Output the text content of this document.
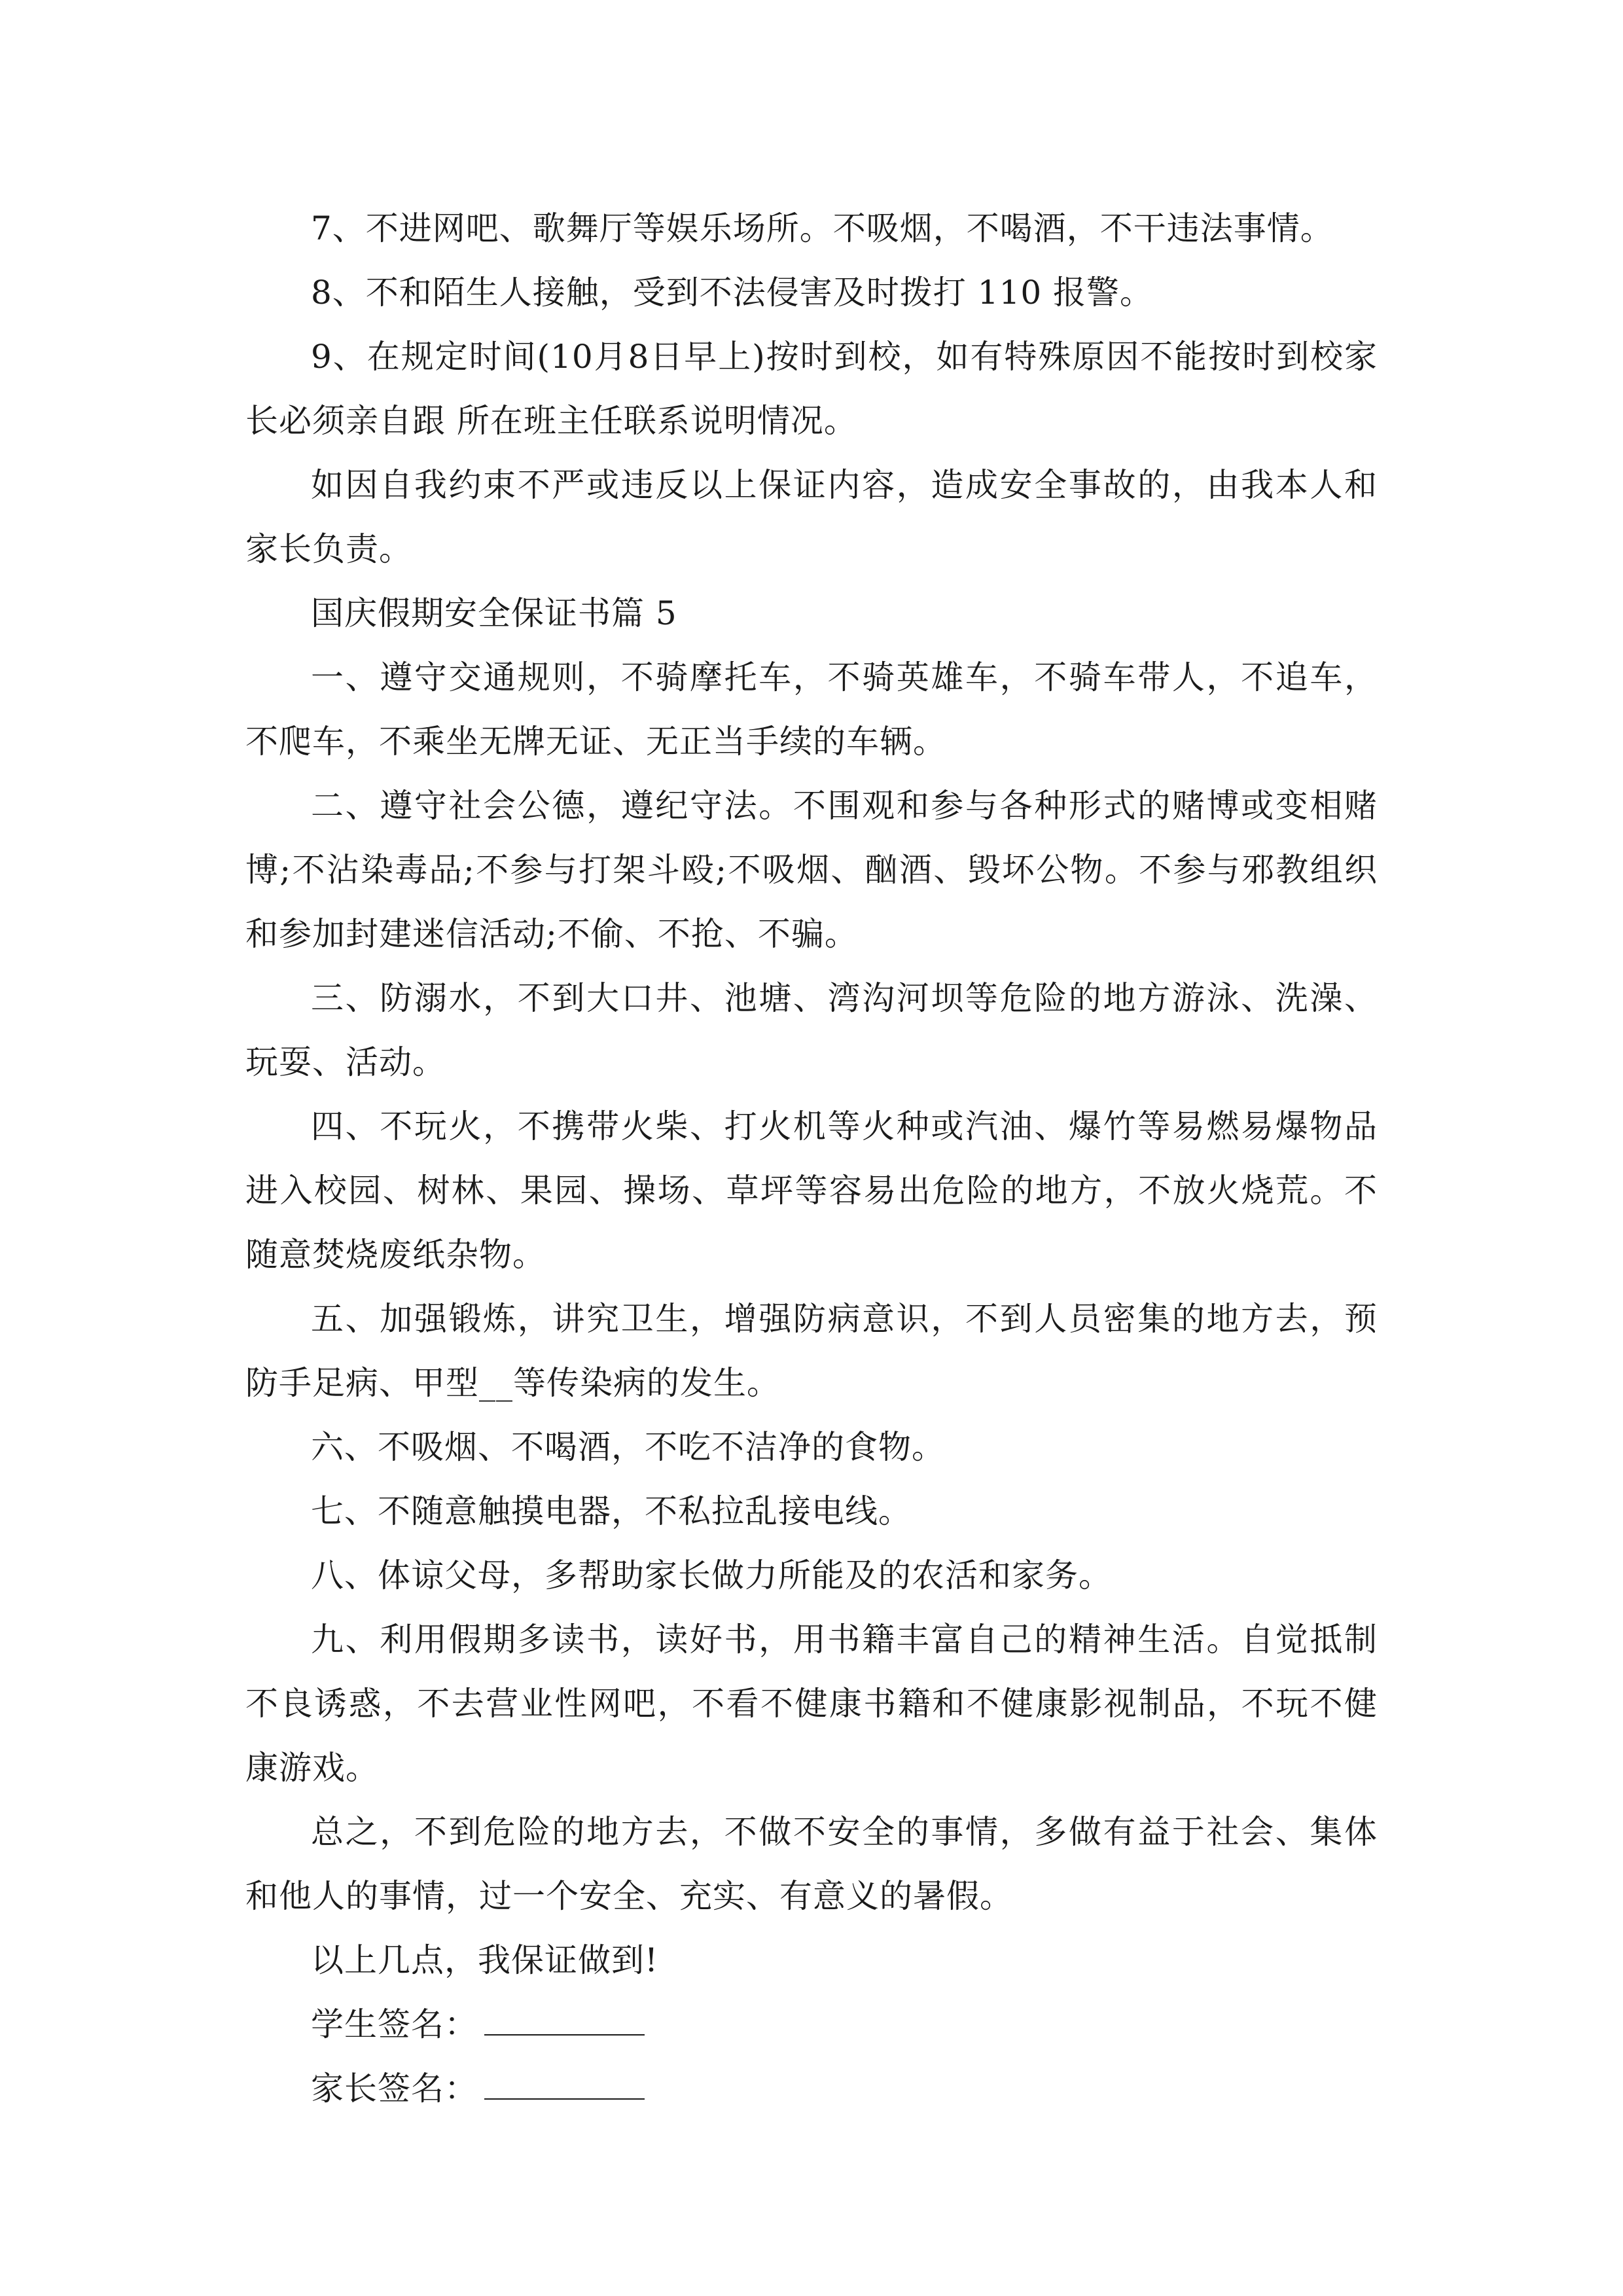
7、不进网吧、歌舞厅等娱乐场所。不吸烟，不喝酒，不干违法事情。

8、不和陌生人接触，受到不法侵害及时拨打 110 报警。

9、在规定时间(10月8日早上)按时到校，如有特殊原因不能按时到校家长必须亲自跟 所在班主任联系说明情况。

如因自我约束不严或违反以上保证内容，造成安全事故的，由我本人和家长负责。

国庆假期安全保证书篇 5

一、遵守交通规则，不骑摩托车，不骑英雄车，不骑车带人，不追车，不爬车，不乘坐无牌无证、无正当手续的车辆。

二、遵守社会公德，遵纪守法。不围观和参与各种形式的赌博或变相赌博;不沾染毒品;不参与打架斗殴;不吸烟、酗酒、毁坏公物。不参与邪教组织和参加封建迷信活动;不偷、不抢、不骗。

三、防溺水，不到大口井、池塘、湾沟河坝等危险的地方游泳、洗澡、玩耍、活动。

四、不玩火，不携带火柴、打火机等火种或汽油、爆竹等易燃易爆物品进入校园、树林、果园、操场、草坪等容易出危险的地方，不放火烧荒。不随意焚烧废纸杂物。

五、加强锻炼，讲究卫生，增强防病意识，不到人员密集的地方去，预防手足病、甲型__等传染病的发生。

六、不吸烟、不喝酒，不吃不洁净的食物。

七、不随意触摸电器，不私拉乱接电线。

八、体谅父母，多帮助家长做力所能及的农活和家务。

九、利用假期多读书，读好书，用书籍丰富自己的精神生活。自觉抵制不良诱惑，不去营业性网吧，不看不健康书籍和不健康影视制品，不玩不健康游戏。

总之，不到危险的地方去，不做不安全的事情，多做有益于社会、集体和他人的事情，过一个安全、充实、有意义的暑假。

以上几点，我保证做到!

学生签名：

家长签名：
